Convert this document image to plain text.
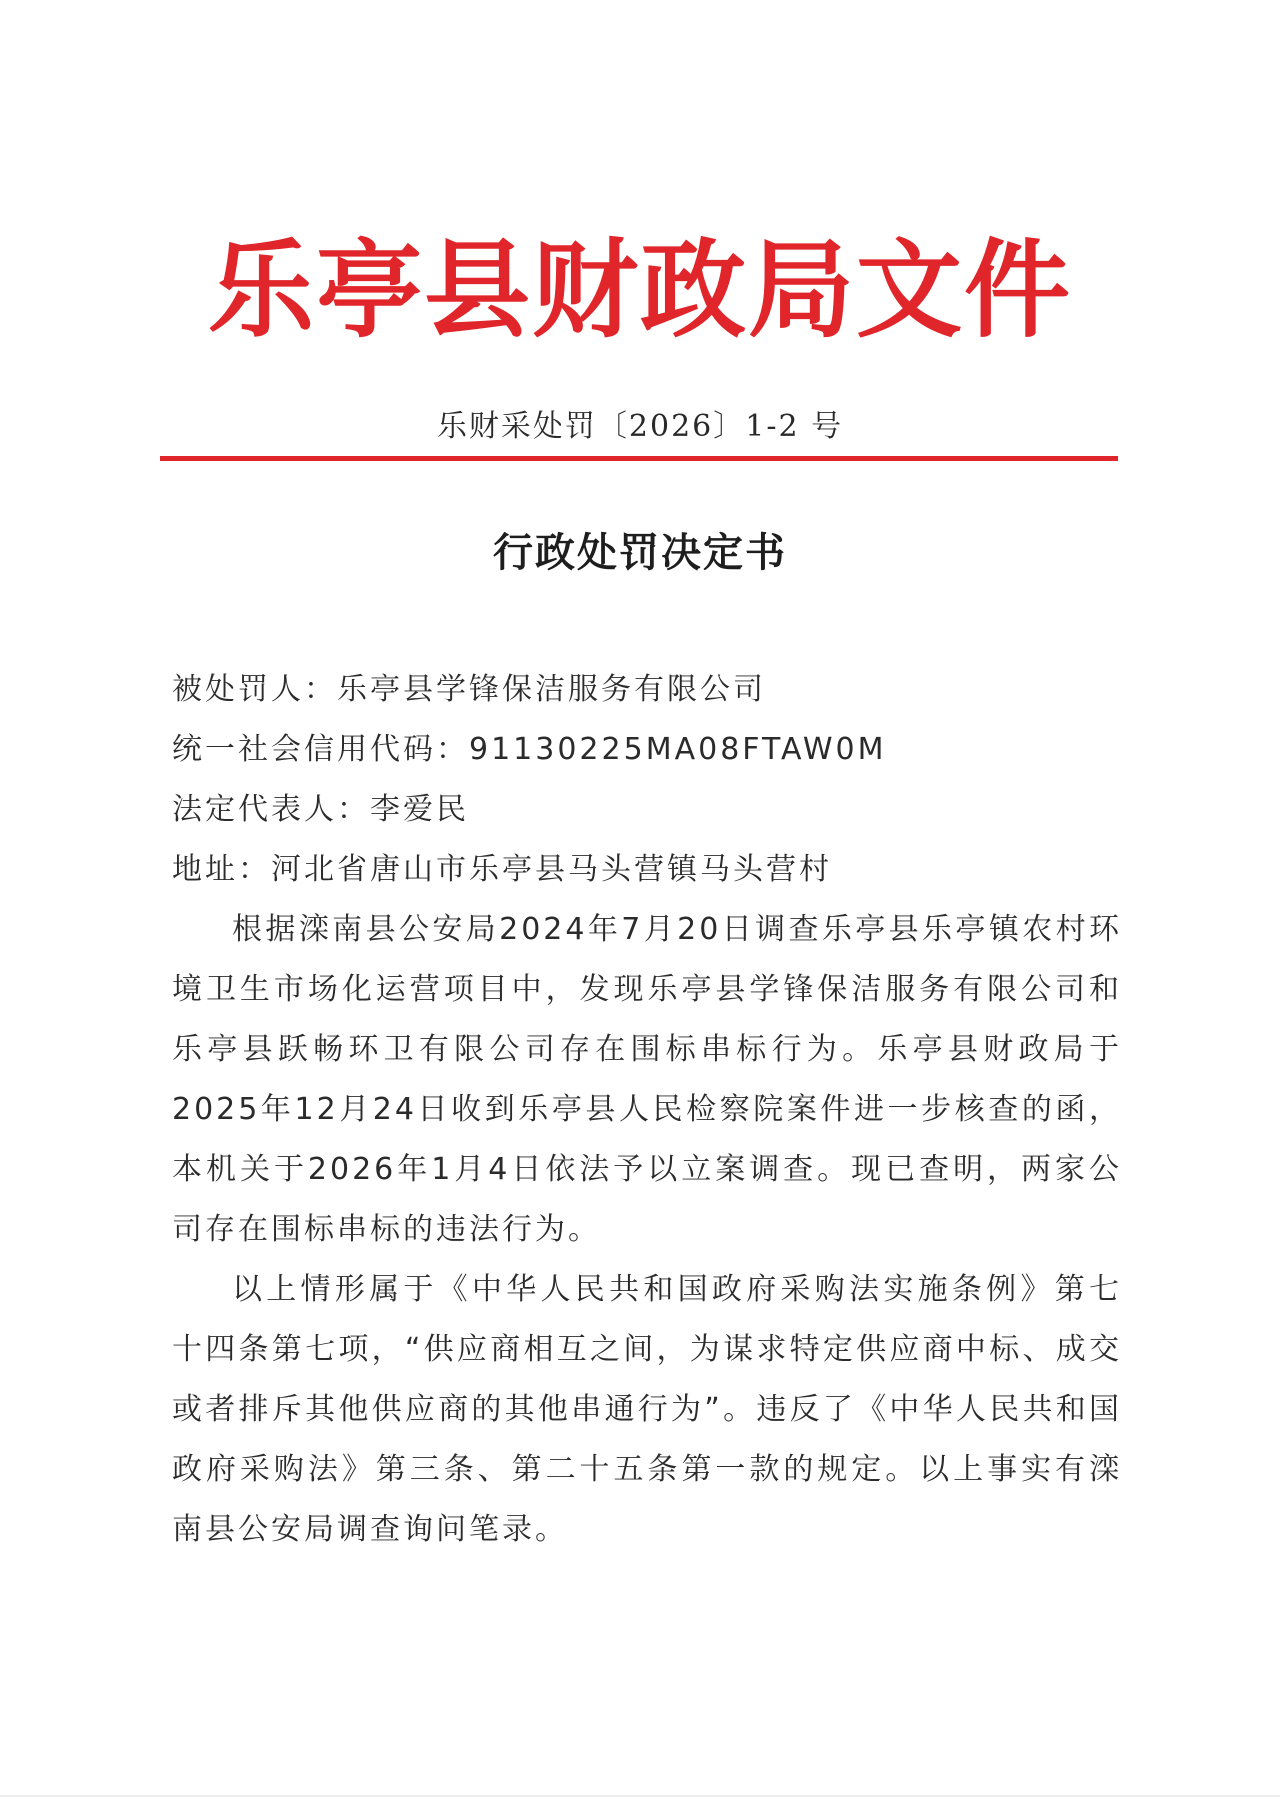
乐亭县财政局文件
乐财采处罚〔2026〕1-2 号
行政处罚决定书

被处罚人：乐亭县学锋保洁服务有限公司

统一社会信用代码：91130225MA08FTAW0M

法定代表人：李爱民

地址：河北省唐山市乐亭县马头营镇马头营村

根据滦南县公安局2024年7月20日调查乐亭县乐亭镇农村环境卫生市场化运营项目中，发现乐亭县学锋保洁服务有限公司和乐亭县跃畅环卫有限公司存在围标串标行为。乐亭县财政局于2025年12月24日收到乐亭县人民检察院案件进一步核查的函，本机关于2026年1月4日依法予以立案调查。现已查明，两家公司存在围标串标的违法行为。

以上情形属于《中华人民共和国政府采购法实施条例》第七十四条第七项，“供应商相互之间，为谋求特定供应商中标、成交或者排斥其他供应商的其他串通行为”。违反了《中华人民共和国政府采购法》第三条、第二十五条第一款的规定。以上事实有滦南县公安局调查询问笔录。
